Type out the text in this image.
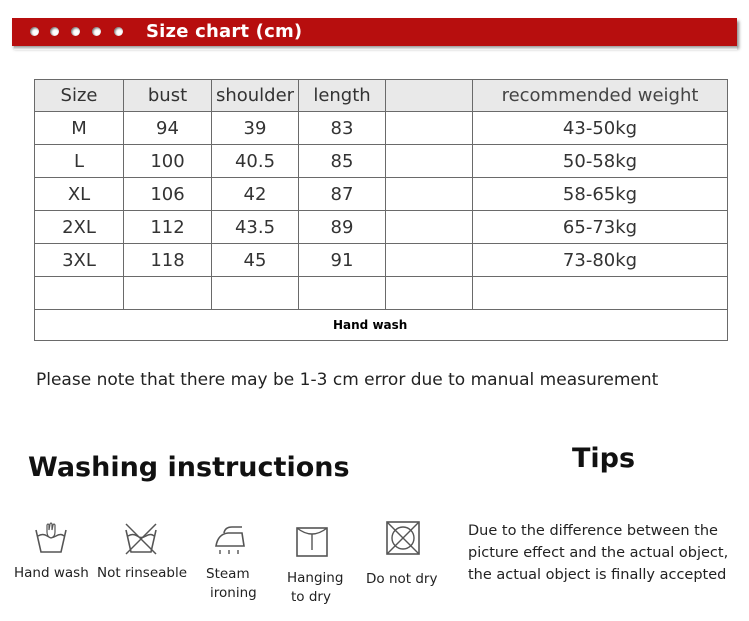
Size chart (cm)
Size	bust	shoulder	length		recommended weight
M	94	39	83		43-50kg
L	100	40.5	85		50-58kg
XL	106	42	87		58-65kg
2XL	112	43.5	89		65-73kg
3XL	118	45	91		73-80kg

Hand wash					
Please note that there may be 1-3 cm error due to manual measurement
Washing instructions	Tips
Due to the difference between the
picture effect and the actual object,
the actual object is finally accepted
Hand wash Not rinseable Steam
ironing
Hanging
to dry
Do not dry
